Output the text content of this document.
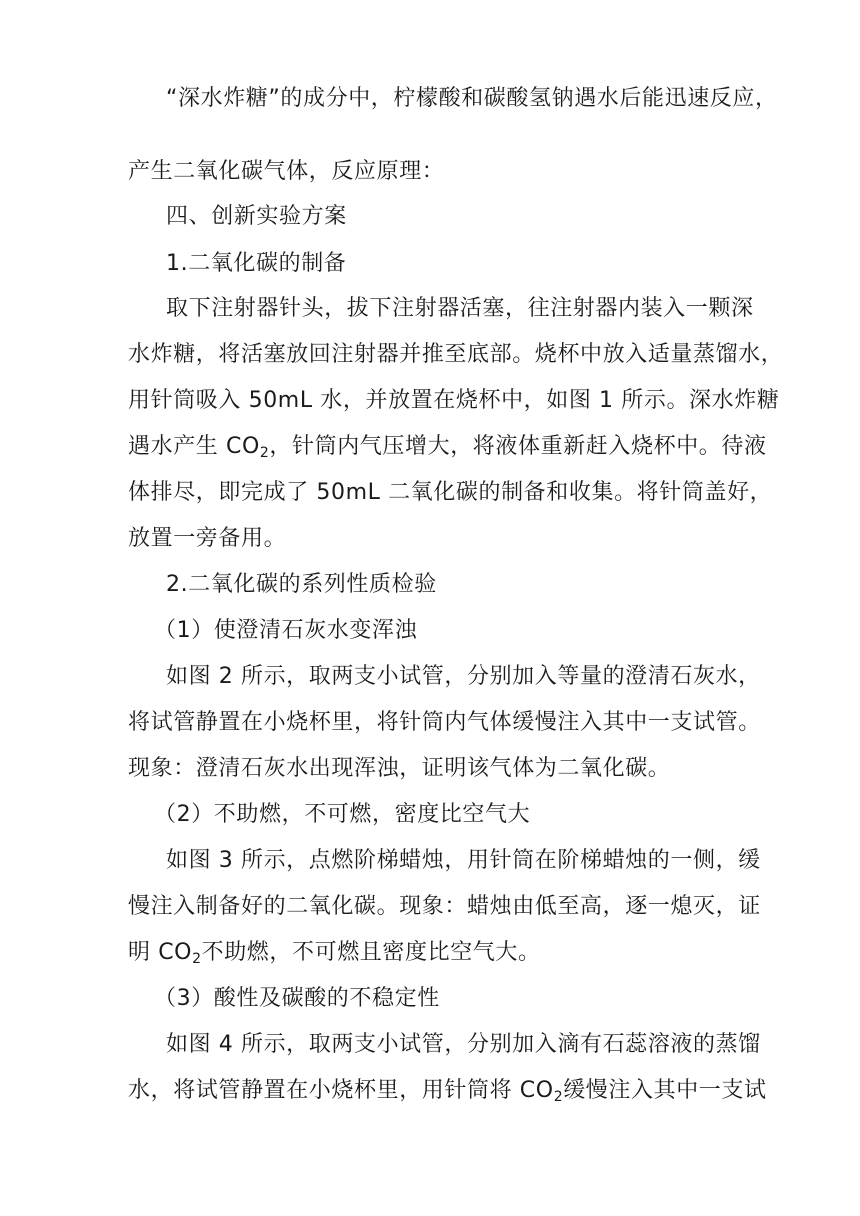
“深水炸糖”的成分中，柠檬酸和碳酸氢钠遇水后能迅速反应，
产生二氧化碳气体，反应原理：
四、创新实验方案
1.二氧化碳的制备
取下注射器针头，拔下注射器活塞，往注射器内装入一颗深
水炸糖，将活塞放回注射器并推至底部。烧杯中放入适量蒸馏水，
用针筒吸入 50mL 水，并放置在烧杯中，如图 1 所示。深水炸糖
遇水产生 $CO_2$，针筒内气压增大，将液体重新赶入烧杯中。待液
体排尽，即完成了 50mL 二氧化碳的制备和收集。将针筒盖好，
放置一旁备用。
2.二氧化碳的系列性质检验
（1）使澄清石灰水变浑浊
如图 2 所示，取两支小试管，分别加入等量的澄清石灰水，
将试管静置在小烧杯里，将针筒内气体缓慢注入其中一支试管。
现象：澄清石灰水出现浑浊，证明该气体为二氧化碳。
（2）不助燃，不可燃，密度比空气大
如图 3 所示，点燃阶梯蜡烛，用针筒在阶梯蜡烛的一侧，缓
慢注入制备好的二氧化碳。现象：蜡烛由低至高，逐一熄灭，证
明 $CO_2$不助燃，不可燃且密度比空气大。
（3）酸性及碳酸的不稳定性
如图 4 所示，取两支小试管，分别加入滴有石蕊溶液的蒸馏
水，将试管静置在小烧杯里，用针筒将 $CO_2$缓慢注入其中一支试
